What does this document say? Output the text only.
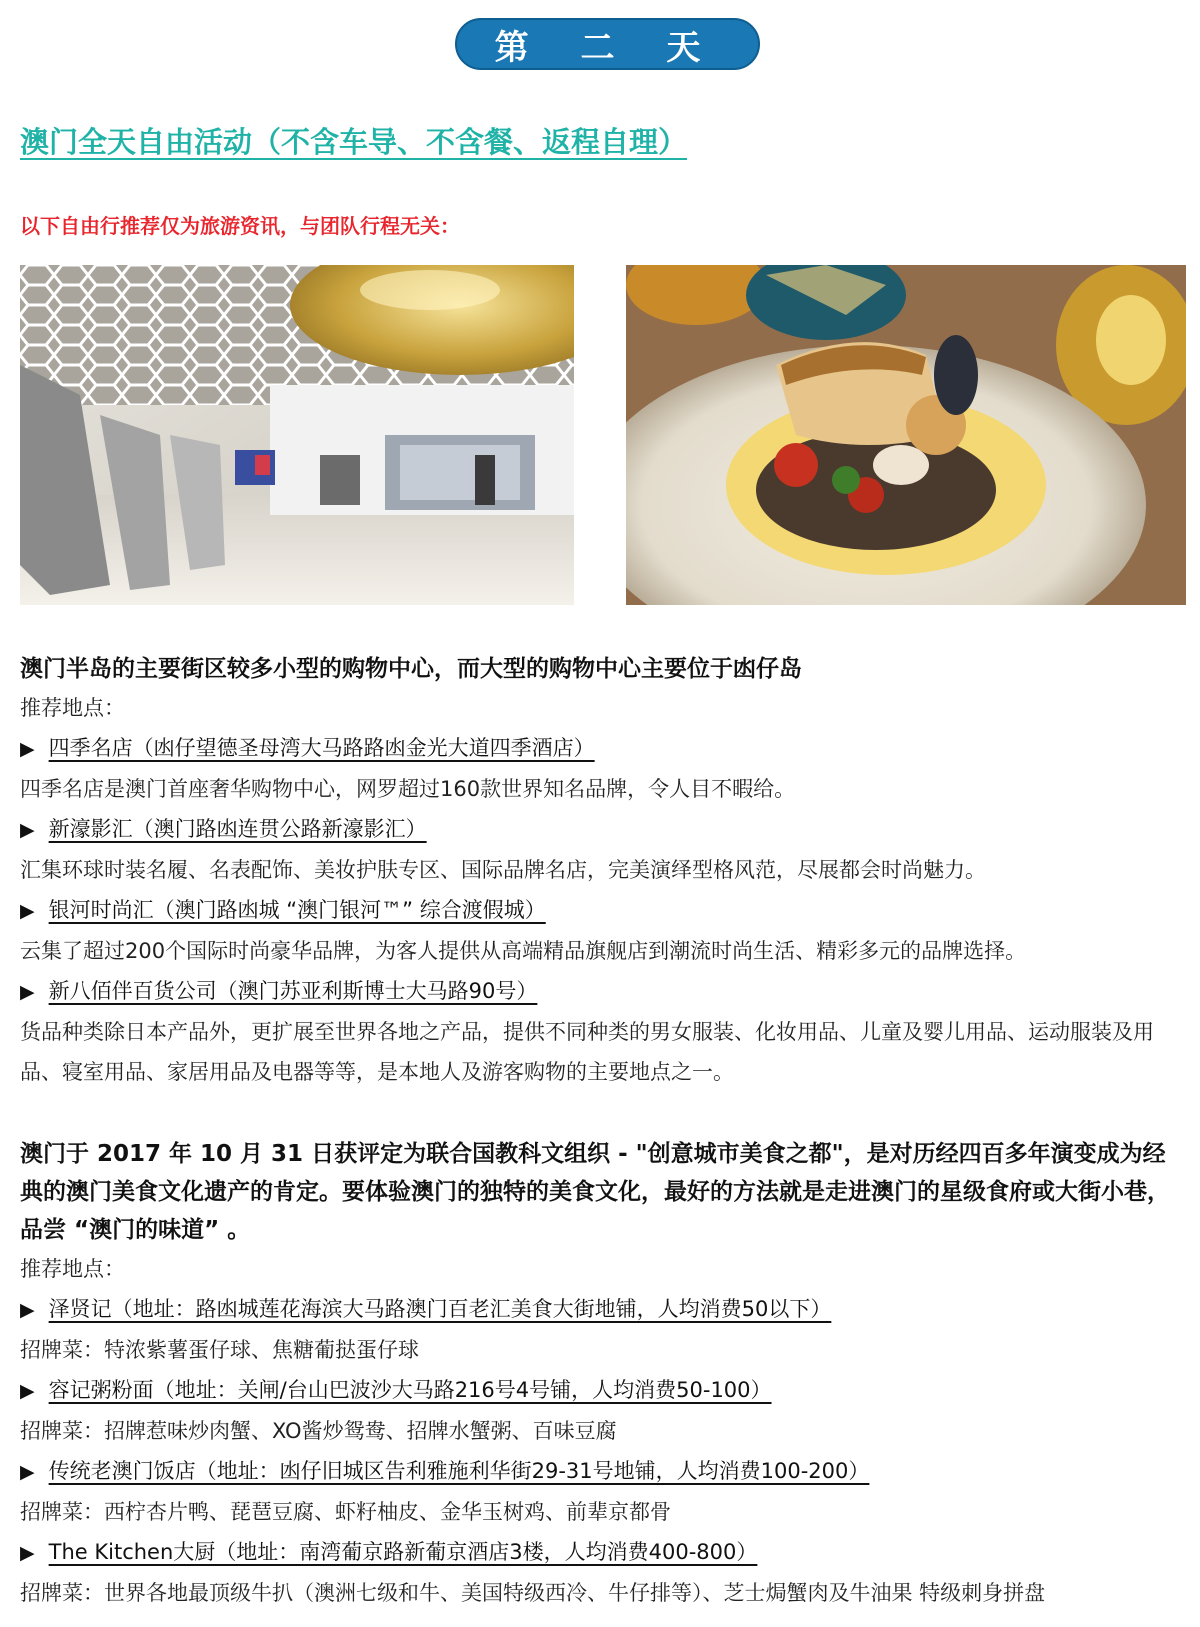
第 二 天
澳门全天自由活动（不含车导、不含餐、返程自理）
以下自由行推荐仅为旅游资讯，与团队行程无关：
澳门半岛的主要街区较多小型的购物中心，而大型的购物中心主要位于凼仔岛
推荐地点：
▶ 四季名店（凼仔望德圣母湾大马路路凼金光大道四季酒店）
四季名店是澳门首座奢华购物中心，网罗超过160款世界知名品牌，令人目不暇给。
▶ 新濠影汇（澳门路凼连贯公路新濠影汇）
汇集环球时装名履、名表配饰、美妆护肤专区、国际品牌名店，完美演绎型格风范，尽展都会时尚魅力。
▶ 银河时尚汇（澳门路凼城 “澳门银河™” 综合渡假城）
云集了超过200个国际时尚豪华品牌，为客人提供从高端精品旗舰店到潮流时尚生活、精彩多元的品牌选择。
▶ 新八佰伴百货公司（澳门苏亚利斯博士大马路90号）
货品种类除日本产品外，更扩展至世界各地之产品，提供不同种类的男女服装、化妆用品、儿童及婴儿用品、运动服装及用品、寝室用品、家居用品及电器等等，是本地人及游客购物的主要地点之一。
澳门于 2017 年 10 月 31 日获评定为联合国教科文组织 - "创意城市美食之都"，是对历经四百多年演变成为经典的澳门美食文化遗产的肯定。要体验澳门的独特的美食文化，最好的方法就是走进澳门的星级食府或大街小巷，品尝 “澳门的味道” 。
推荐地点：
▶ 泽贤记（地址：路凼城莲花海滨大马路澳门百老汇美食大街地铺，人均消费50以下）
招牌菜：特浓紫薯蛋仔球、焦糖葡挞蛋仔球
▶ 容记粥粉面（地址：关闸/台山巴波沙大马路216号4号铺，人均消费50-100）
招牌菜：招牌惹味炒肉蟹、XO酱炒鸳鸯、招牌水蟹粥、百味豆腐
▶ 传统老澳门饭店（地址：凼仔旧城区告利雅施利华街29-31号地铺，人均消费100-200）
招牌菜：西柠杏片鸭、琵琶豆腐、虾籽柚皮、金华玉树鸡、前辈京都骨
▶ The Kitchen大厨（地址：南湾葡京路新葡京酒店3楼，人均消费400-800）
招牌菜：世界各地最顶级牛扒（澳洲七级和牛、美国特级西冷、牛仔排等）、芝士焗蟹肉及牛油果 特级刺身拼盘
